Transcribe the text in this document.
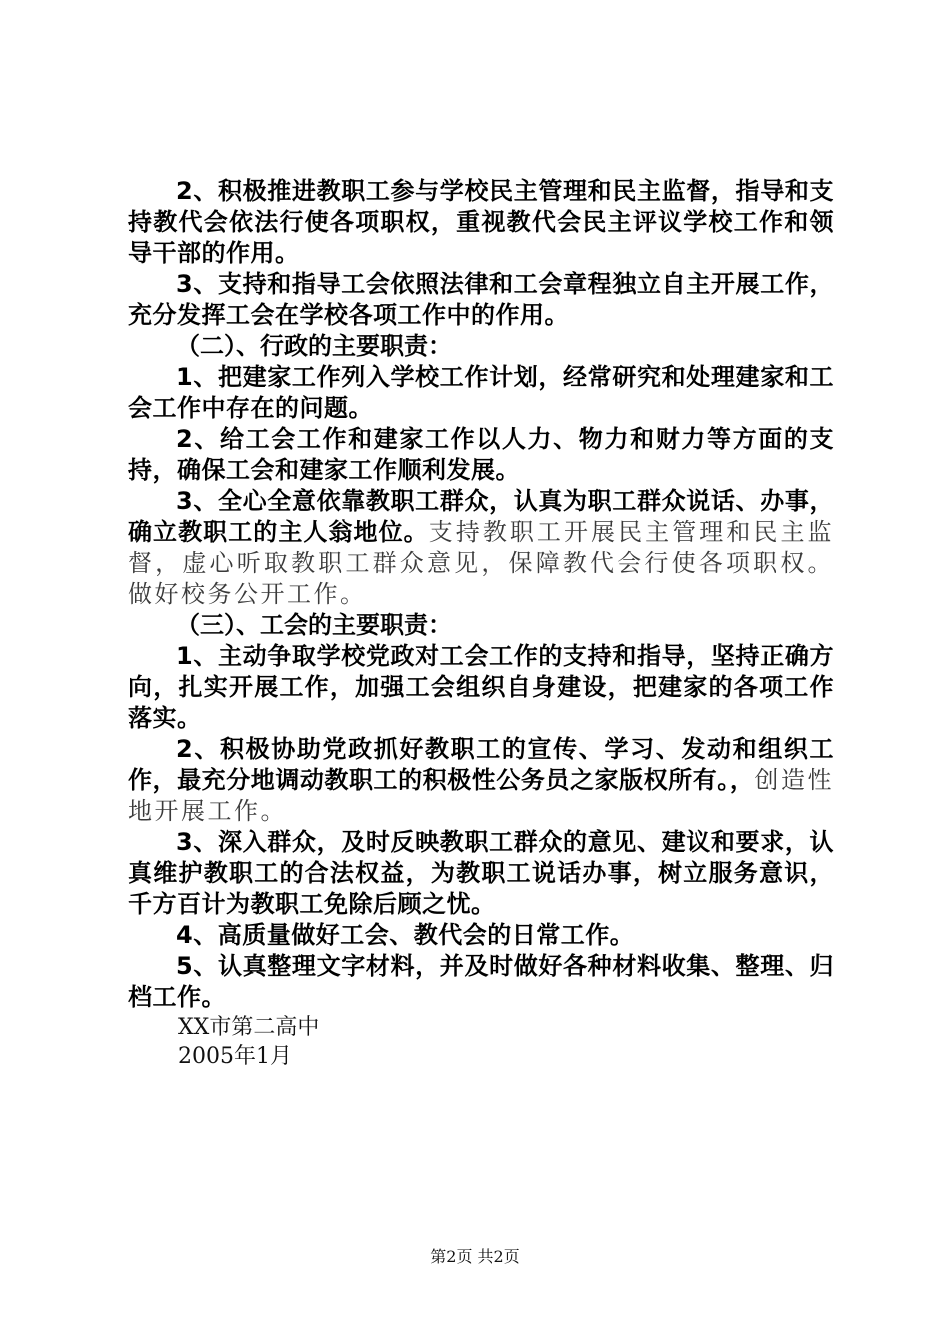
2、积极推进教职工参与学校民主管理和民主监督，指导和支持教代会依法行使各项职权，重视教代会民主评议学校工作和领导干部的作用。

3、支持和指导工会依照法律和工会章程独立自主开展工作，充分发挥工会在学校各项工作中的作用。

（二）、行政的主要职责：

1、把建家工作列入学校工作计划，经常研究和处理建家和工会工作中存在的问题。

2、给工会工作和建家工作以人力、物力和财力等方面的支持，确保工会和建家工作顺利发展。

3、全心全意依靠教职工群众，认真为职工群众说话、办事，确立教职工的主人翁地位。支持教职工开展民主管理和民主监督，虚心听取教职工群众意见，保障教代会行使各项职权。做好校务公开工作。

（三）、工会的主要职责：

1、主动争取学校党政对工会工作的支持和指导，坚持正确方向，扎实开展工作，加强工会组织自身建设，把建家的各项工作落实。

2、积极协助党政抓好教职工的宣传、学习、发动和组织工作，最充分地调动教职工的积极性公务员之家版权所有。，创造性地开展工作。

3、深入群众，及时反映教职工群众的意见、建议和要求，认真维护教职工的合法权益，为教职工说话办事，树立服务意识，千方百计为教职工免除后顾之忧。

4、高质量做好工会、教代会的日常工作。

5、认真整理文字材料，并及时做好各种材料收集、整理、归档工作。

XX市第二高中

2005年1月

第2页 共2页
